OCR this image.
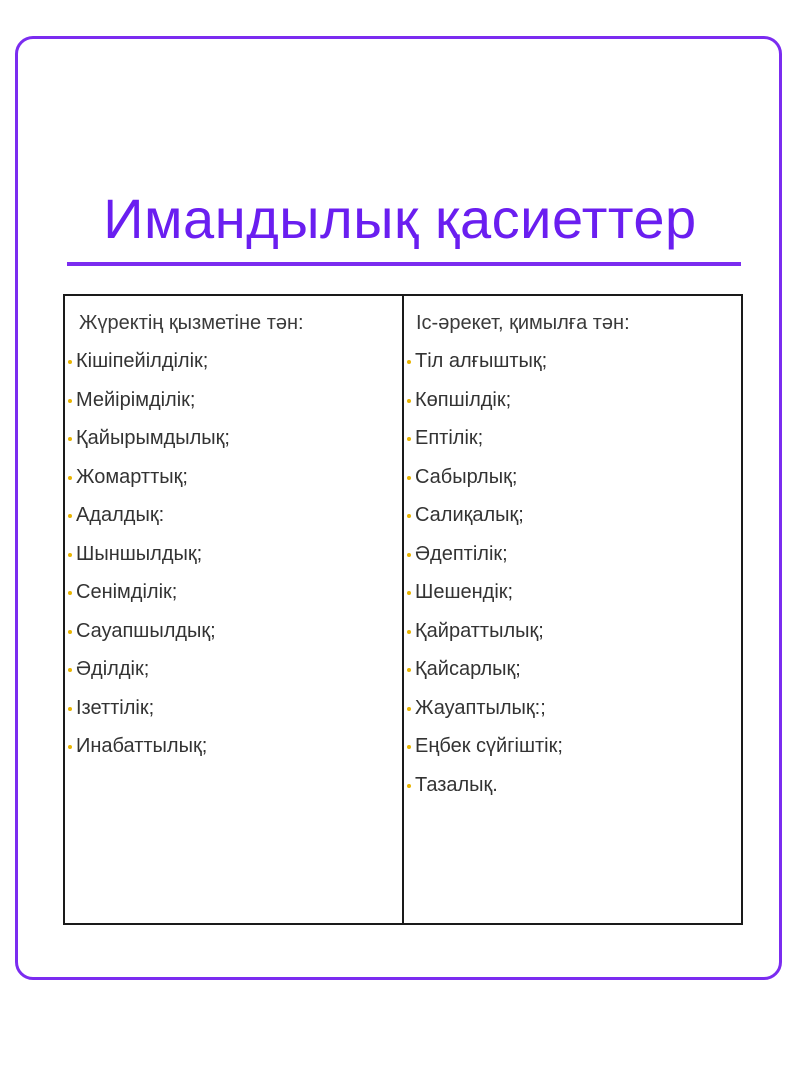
Имандылық қасиеттер
Жүректің қызметіне тән:
Кішіпейілділік;
Мейірімділік;
Қайырымдылық;
Жомарттық;
Адалдық:
Шыншылдық;
Сенімділік;
Сауапшылдық;
Әділдік;
Ізеттілік;
Инабаттылық;
Іс-әрекет, қимылға тән:
Тіл алғыштық;
Көпшілдік;
Ептілік;
Сабырлық;
Салиқалық;
Әдептілік;
Шешендік;
Қайраттылық;
Қайсарлық;
Жауаптылық:;
Еңбек сүйгіштік;
Тазалық.
